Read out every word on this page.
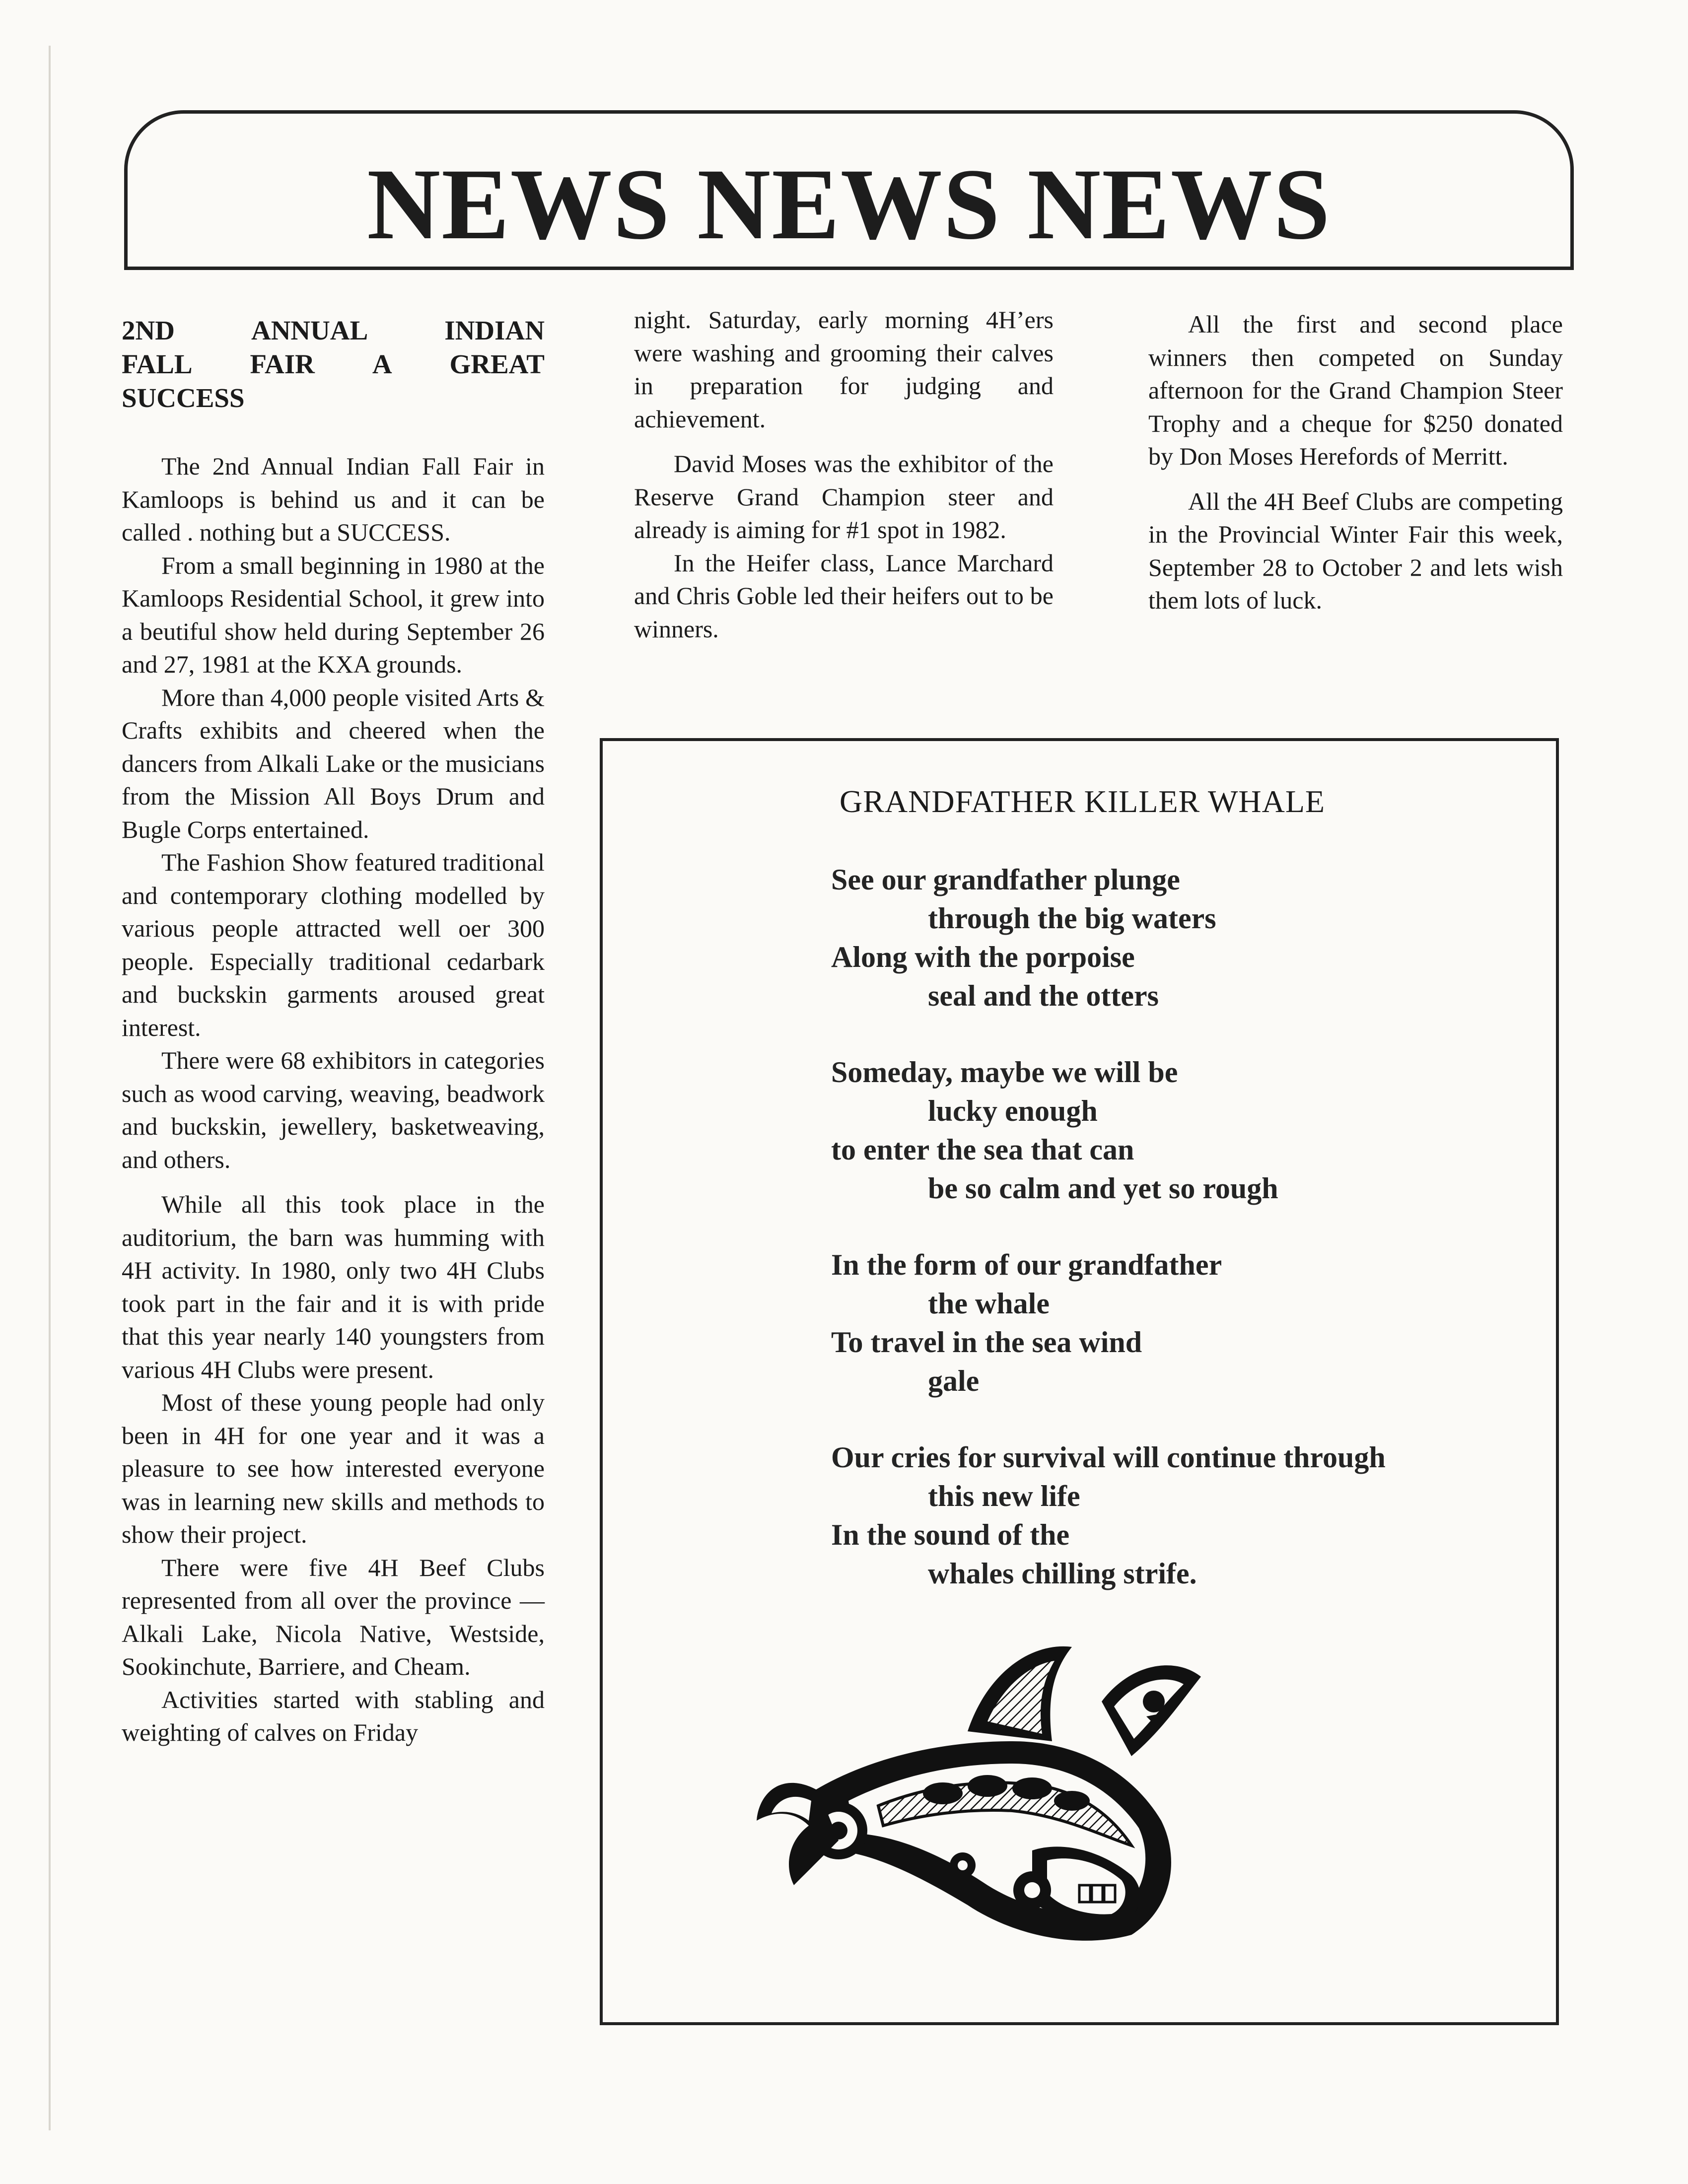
NEWS NEWS NEWS
2ND	ANNUAL	INDIAN
FALL FAIR A GREAT
SUCCESS

The 2nd Annual Indian Fall Fair in Kamloops is behind us and it can be called . nothing but a SUCCESS.

From a small beginning in 1980 at the Kamloops Residential School, it grew into a beutiful show held during September 26 and 27, 1981 at the KXA grounds.

More than 4,000 people visited Arts & Crafts exhibits and cheered when the dancers from Alkali Lake or the musicians from the Mission All Boys Drum and Bugle Corps entertained.

The Fashion Show featured traditional and contemporary clothing modelled by various people attracted well oer 300 people. Especially traditional cedarbark and buckskin garments aroused great interest.

There were 68 exhibitors in categories such as wood carving, weaving, beadwork and buckskin, jewellery, basketweaving, and others.

While all this took place in the auditorium, the barn was humming with 4H activity. In 1980, only two 4H Clubs took part in the fair and it is with pride that this year nearly 140 youngsters from various 4H Clubs were present.

Most of these young people had only been in 4H for one year and it was a pleasure to see how interested everyone was in learning new skills and methods to show their project.

There were five 4H Beef Clubs represented from all over the province —Alkali Lake, Nicola Native, Westside, Sookinchute, Barriere, and Cheam.

Activities started with stabling and weighting of calves on Friday

night. Saturday, early morning 4H’ers were washing and grooming their calves in preparation for judging and achievement.

David Moses was the exhibitor of the Reserve Grand Champion steer and already is aiming for #1 spot in 1982.

In the Heifer class, Lance Marchard and Chris Goble led their heifers out to be winners.

All the first and second place winners then competed on Sunday afternoon for the Grand Champion Steer Trophy and a cheque for $250 donated by Don Moses Herefords of Merritt.

All the 4H Beef Clubs are competing in the Provincial Winter Fair this week, September 28 to October 2 and lets wish them lots of luck.

GRANDFATHER KILLER WHALE
See our grandfather plunge
through the big waters
Along with the porpoise
seal and the otters
Someday, maybe we will be
lucky enough
to enter the sea that can
be so calm and yet so rough
In the form of our grandfather
the whale
To travel in the sea wind
gale
Our cries for survival will continue through
this new life
In the sound of the
whales chilling strife.
